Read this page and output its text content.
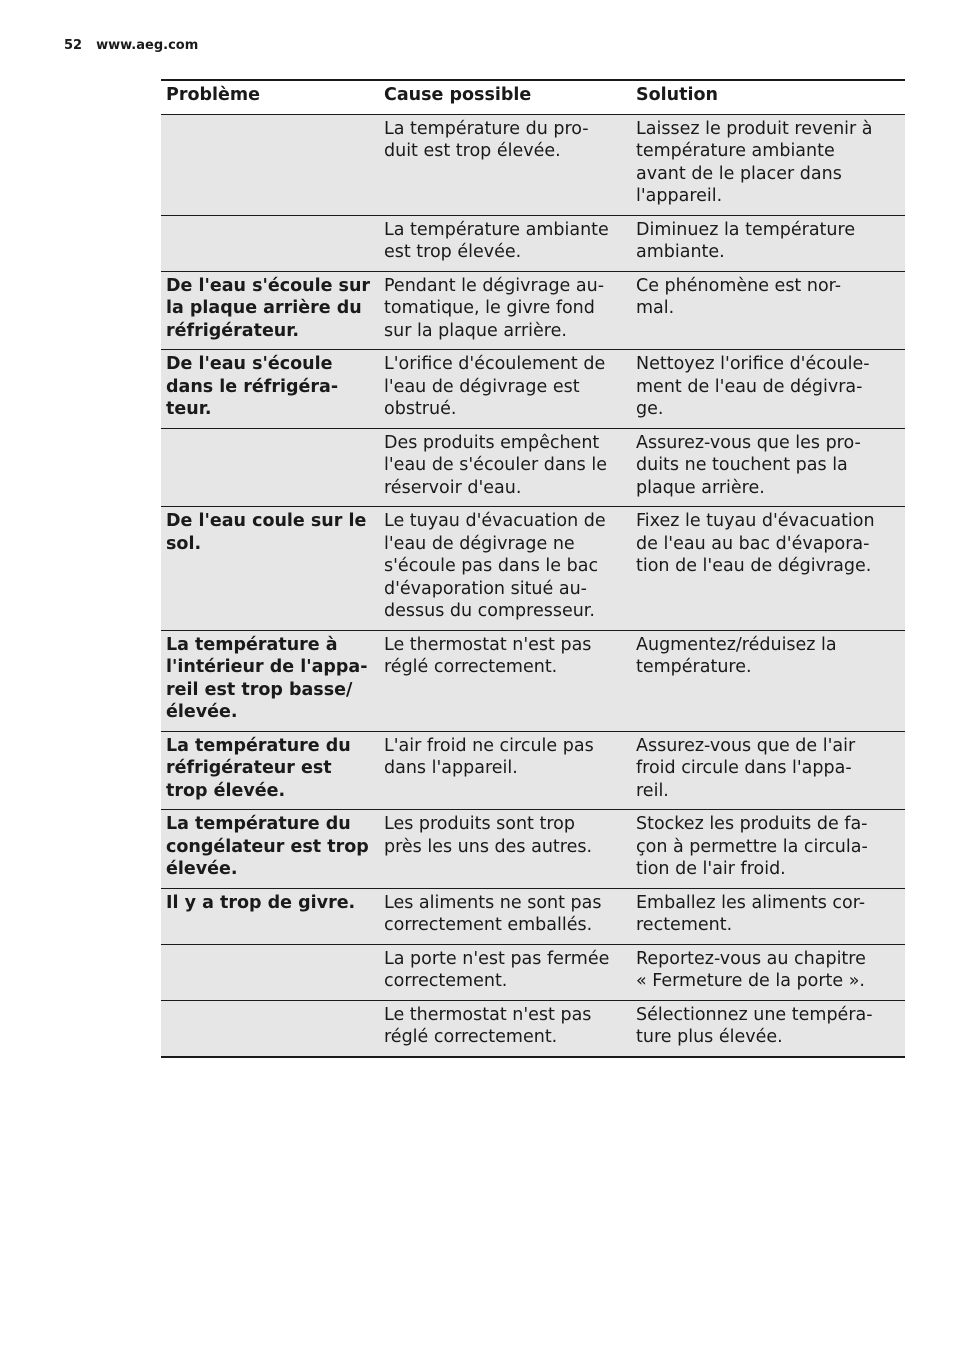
52 www.aeg.com
Problème	Cause possible	Solution
	La température du pro-
duit est trop élevée.	Laissez le produit revenir à
température ambiante
avant de le placer dans
l'appareil.
	La température ambiante
est trop élevée.	Diminuez la température
ambiante.
De l'eau s'écoule sur
la plaque arrière du
réfrigérateur.	Pendant le dégivrage au-
tomatique, le givre fond
sur la plaque arrière.	Ce phénomène est nor-
mal.
De l'eau s'écoule
dans le réfrigéra-
teur.	L'orifice d'écoulement de
l'eau de dégivrage est
obstrué.	Nettoyez l'orifice d'écoule-
ment de l'eau de dégivra-
ge.
	Des produits empêchent
l'eau de s'écouler dans le
réservoir d'eau.	Assurez-vous que les pro-
duits ne touchent pas la
plaque arrière.
De l'eau coule sur le
sol.	Le tuyau d'évacuation de
l'eau de dégivrage ne
s'écoule pas dans le bac
d'évaporation situé au-
dessus du compresseur.	Fixez le tuyau d'évacuation
de l'eau au bac d'évapora-
tion de l'eau de dégivrage.
La température à
l'intérieur de l'appa-
reil est trop basse/
élevée.	Le thermostat n'est pas
réglé correctement.	Augmentez/réduisez la
température.
La température du
réfrigérateur est
trop élevée.	L'air froid ne circule pas
dans l'appareil.	Assurez-vous que de l'air
froid circule dans l'appa-
reil.
La température du
congélateur est trop
élevée.	Les produits sont trop
près les uns des autres.	Stockez les produits de fa-
çon à permettre la circula-
tion de l'air froid.
Il y a trop de givre.	Les aliments ne sont pas
correctement emballés.	Emballez les aliments cor-
rectement.
	La porte n'est pas fermée
correctement.	Reportez-vous au chapitre
« Fermeture de la porte ».
	Le thermostat n'est pas
réglé correctement.	Sélectionnez une tempéra-
ture plus élevée.
